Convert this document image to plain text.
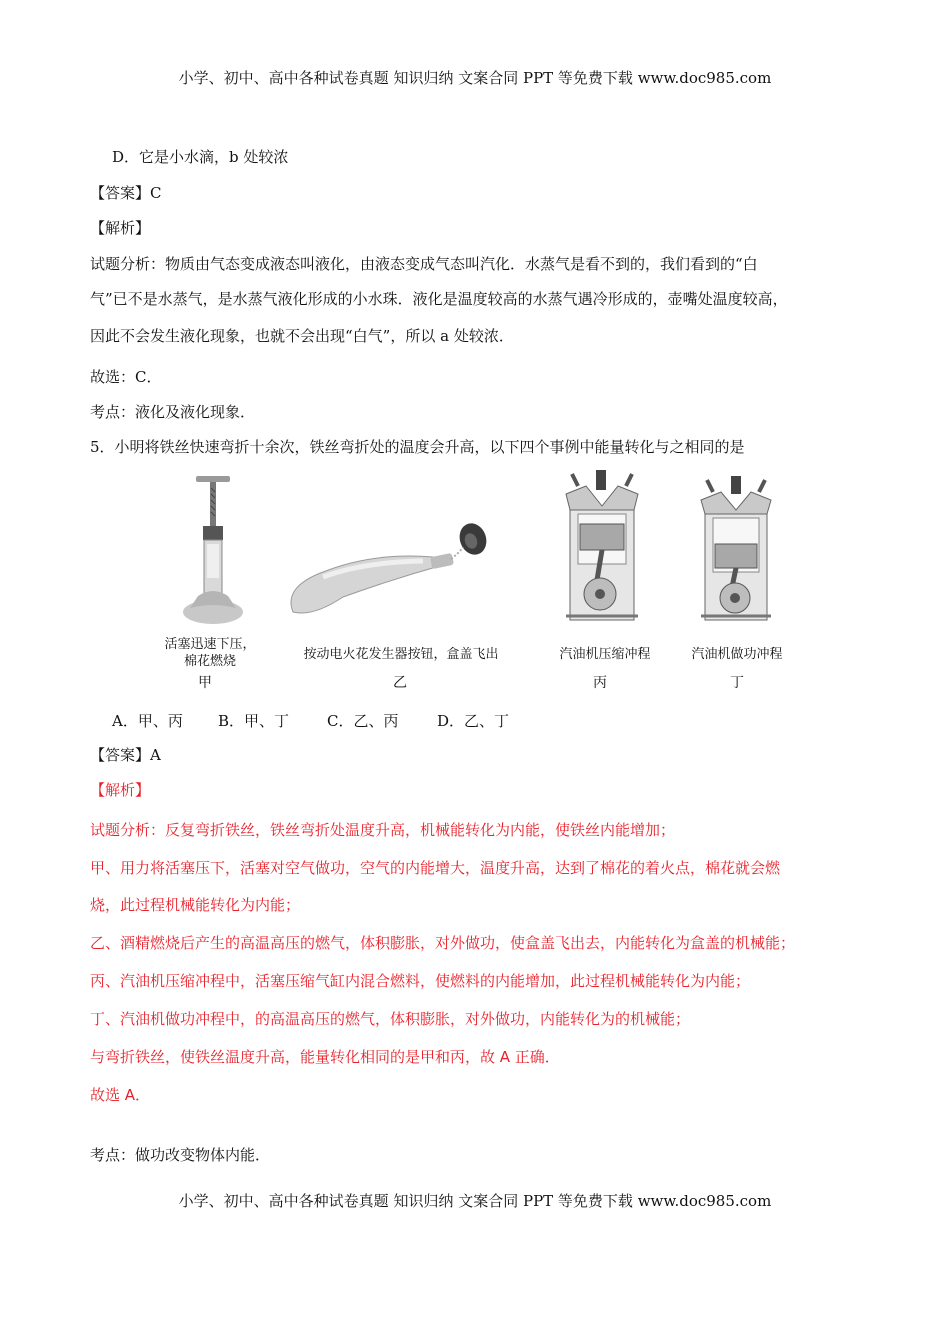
小学、初中、高中各种试卷真题 知识归纳 文案合同 PPT 等免费下载 www.doc985.com
D．它是小水滴，b 处较浓
【答案】C
【解析】
试题分析：物质由气态变成液态叫液化，由液态变成气态叫汽化．水蒸气是看不到的，我们看到的“白
气”已不是水蒸气，是水蒸气液化形成的小水珠．液化是温度较高的水蒸气遇冷形成的，壶嘴处温度较高，
因此不会发生液化现象，也就不会出现“白气”，所以 a 处较浓．
故选：C．
考点：液化及液化现象．
5．小明将铁丝快速弯折十余次，铁丝弯折处的温度会升高，以下四个事例中能量转化与之相同的是
活塞迅速下压，
棉花燃烧
甲
按动电火花发生器按钮，盒盖飞出
乙
汽油机压缩冲程
丙
汽油机做功冲程
丁
A．甲、丙 B．甲、丁	C．乙、丙	D．乙、丁
【答案】A
【解析】
试题分析：反复弯折铁丝，铁丝弯折处温度升高，机械能转化为内能，使铁丝内能增加；
甲、用力将活塞压下，活塞对空气做功，空气的内能增大，温度升高，达到了棉花的着火点，棉花就会燃
烧，此过程机械能转化为内能；
乙、酒精燃烧后产生的高温高压的燃气，体积膨胀，对外做功，使盒盖飞出去，内能转化为盒盖的机械能；
丙、汽油机压缩冲程中，活塞压缩气缸内混合燃料，使燃料的内能增加，此过程机械能转化为内能；
丁、汽油机做功冲程中，的高温高压的燃气，体积膨胀，对外做功，内能转化为的机械能；
与弯折铁丝，使铁丝温度升高，能量转化相同的是甲和丙，故 A 正确．
故选 A．
考点：做功改变物体内能．
小学、初中、高中各种试卷真题 知识归纳 文案合同 PPT 等免费下载 www.doc985.com
